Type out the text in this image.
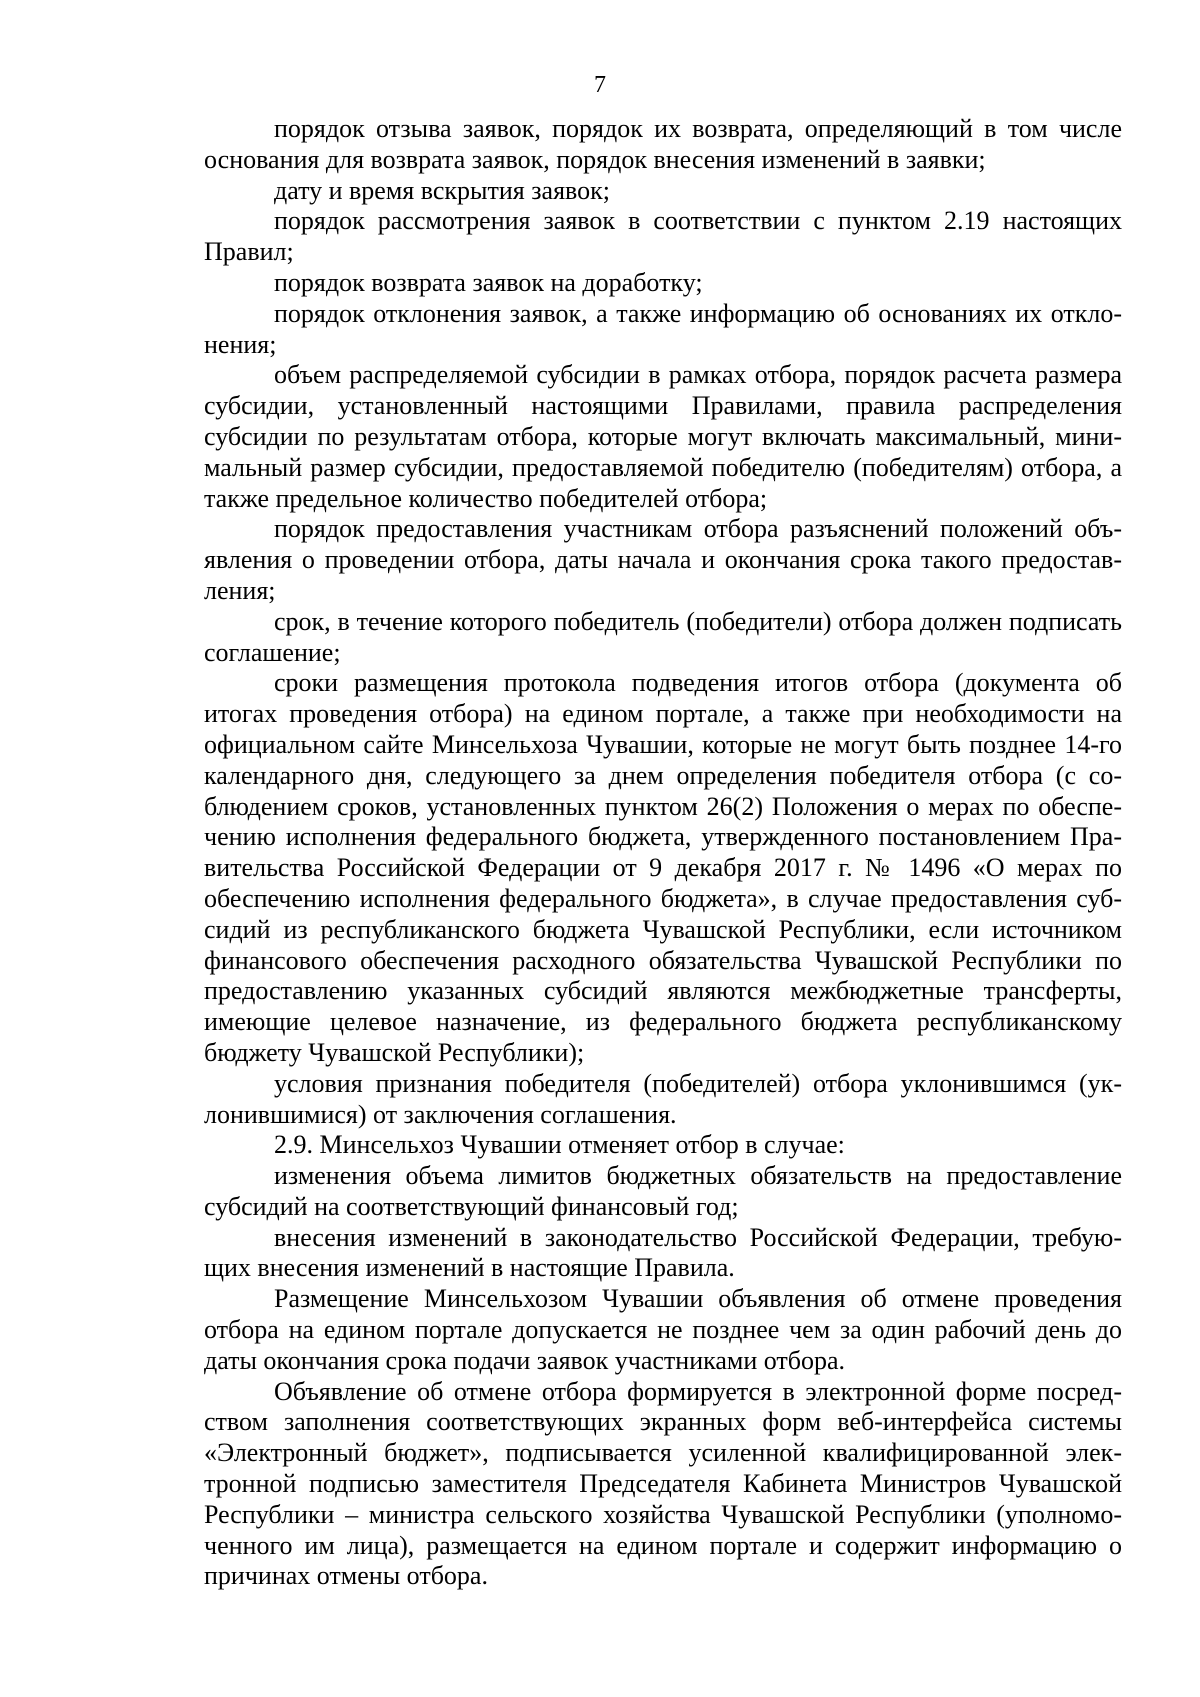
7

порядок отзыва заявок, порядок их возврата, определяющий в том числе основания для возврата заявок, порядок внесения изменений в заявки;

дату и время вскрытия заявок;

порядок рассмотрения заявок в соответствии с пунктом 2.19 настоящих Правил;

порядок возврата заявок на доработку;

порядок отклонения заявок, а также информацию об основаниях их отклонения;

объем распределяемой субсидии в рамках отбора, порядок расчета размера субсидии, установленный настоящими Правилами, правила распределения субсидии по результатам отбора, которые могут включать максимальный, минимальный размер субсидии, предоставляемой победителю (победителям) отбора, а также предельное количество победителей отбора;

порядок предоставления участникам отбора разъяснений положений объявления о проведении отбора, даты начала и окончания срока такого предоставления;

срок, в течение которого победитель (победители) отбора должен подписать соглашение;

сроки размещения протокола подведения итогов отбора (документа об итогах проведения отбора) на едином портале, а также при необходимости на официальном сайте Минсельхоза Чувашии, которые не могут быть позднее 14-го календарного дня, следующего за днем определения победителя отбора (с соблюдением сроков, установленных пунктом 26(2) Положения о мерах по обеспечению исполнения федерального бюджета, утвержденного постановлением Правительства Российской Федерации от 9 декабря 2017 г. № 1496 «О мерах по обеспечению исполнения федерального бюджета», в случае предоставления субсидий из республиканского бюджета Чувашской Республики, если источником финансового обеспечения расходного обязательства Чувашской Республики по предоставлению указанных субсидий являются межбюджетные трансферты, имеющие целевое назначение, из федерального бюджета республиканскому бюджету Чувашской Республики);

условия признания победителя (победителей) отбора уклонившимся (уклонившимися) от заключения соглашения.

2.9. Минсельхоз Чувашии отменяет отбор в случае:

изменения объема лимитов бюджетных обязательств на предоставление субсидий на соответствующий финансовый год;

внесения изменений в законодательство Российской Федерации, требующих внесения изменений в настоящие Правила.

Размещение Минсельхозом Чувашии объявления об отмене проведения отбора на едином портале допускается не позднее чем за один рабочий день до даты окончания срока подачи заявок участниками отбора.

Объявление об отмене отбора формируется в электронной форме посредством заполнения соответствующих экранных форм веб-интерфейса системы «Электронный бюджет», подписывается усиленной квалифицированной электронной подписью заместителя Председателя Кабинета Министров Чувашской Республики – министра сельского хозяйства Чувашской Республики (уполномоченного им лица), размещается на едином портале и содержит информацию о причинах отмены отбора.
